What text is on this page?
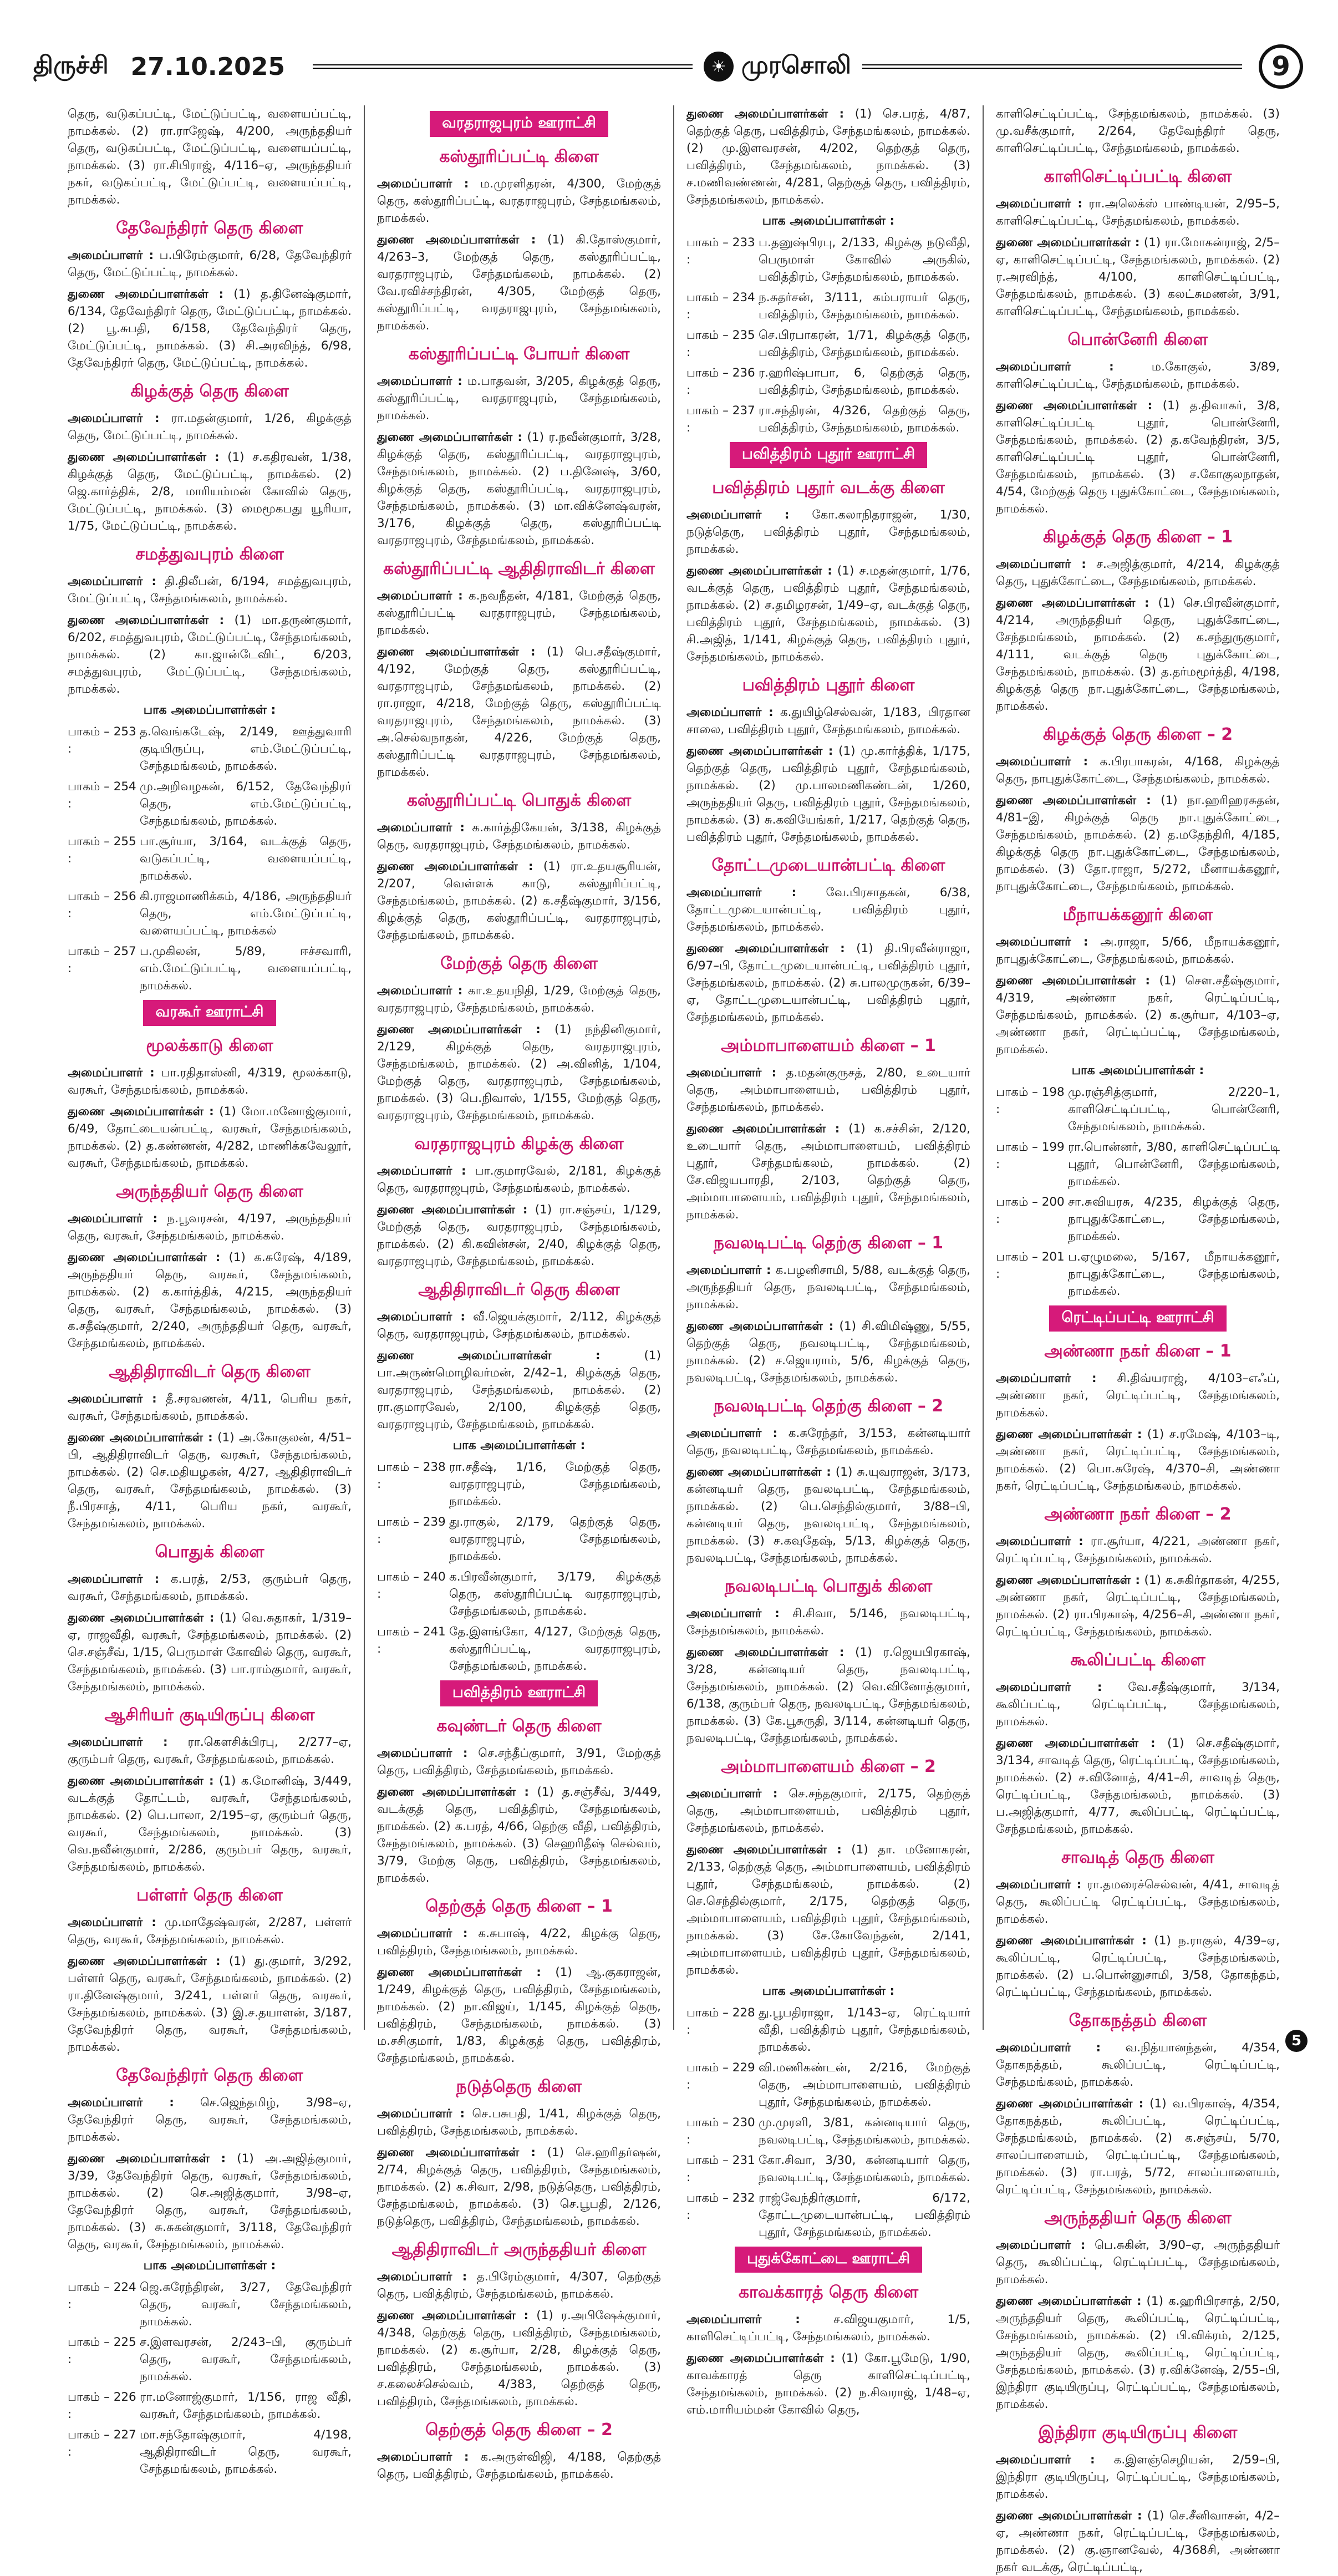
திருச்சி 27.10.2025	☀ முரசொலி	9

தெரு, வடுகப்பட்டி, மேட்டுப்பட்டி, வளையப்பட்டி, நாமக்கல். (2) ரா.ராஜேஷ், 4/200, அருந்ததியர் தெரு, வடுகப்பட்டி, மேட்டுப்பட்டி, வளையப்பட்டி, நாமக்கல். (3) ரா.சிபிராஜ், 4/116–ஏ, அருந்ததியர் நகர், வடுகப்பட்டி, மேட்டுப்பட்டி, வளையப்பட்டி, நாமக்கல்.

தேவேந்திரர் தெரு கிளை

அமைப்பாளர் : ப.பிரேம்குமார், 6/28, தேவேந்திரர் தெரு, மேட்டுப்பட்டி, நாமக்கல்.

துணை அமைப்பாளர்கள் : (1) த.தினேஷ்குமார், 6/134, தேவேந்திரர் தெரு, மேட்டுப்பட்டி, நாமக்கல். (2) பூ.சுபதி, 6/158, தேவேந்திரர் தெரு, மேட்டுப்பட்டி, நாமக்கல். (3) சி.அரவிந்த், 6/98, தேவேந்திரர் தெரு, மேட்டுப்பட்டி, நாமக்கல்.

கிழக்குத் தெரு கிளை

அமைப்பாளர் : ரா.மதன்குமார், 1/26, கிழக்குத் தெரு, மேட்டுப்பட்டி, நாமக்கல்.

துணை அமைப்பாளர்கள் : (1) ச.கதிரவன், 1/38, கிழக்குத் தெரு, மேட்டுப்பட்டி, நாமக்கல். (2) ஜெ.கார்த்திக், 2/8, மாரியம்மன் கோவில் தெரு, மேட்டுப்பட்டி, நாமக்கல். (3) மைமூகபது யூரியா, 1/75, மேட்டுப்பட்டி, நாமக்கல்.

சமத்துவபுரம் கிளை

அமைப்பாளர் : தி.திலீபன், 6/194, சமத்துவபுரம், மேட்டுப்பட்டி, சேந்தமங்கலம், நாமக்கல்.

துணை அமைப்பாளர்கள் : (1) மா.தருண்குமார், 6/202, சமத்துவபுரம், மேட்டுப்பட்டி, சேந்தமங்கலம், நாமக்கல். (2) கா.ஜான்டேவிட், 6/203, சமத்துவபுரம், மேட்டுப்பட்டி, சேந்தமங்கலம், நாமக்கல்.

பாக அமைப்பாளர்கள் :
பாகம் – 253 :
த.வெங்கடேஷ், 2/149, ஊத்துவாரி குடியிருப்பு, எம்.மேட்டுப்பட்டி, சேந்தமங்கலம், நாமக்கல்.
பாகம் – 254 :
மு.அறிவழகன், 6/152, தேவேந்திரர் தெரு, எம்.மேட்டுப்பட்டி, சேந்தமங்கலம், நாமக்கல்.
பாகம் – 255 :
பா.சூர்யா, 3/164, வடக்குத் தெரு, வடுகப்பட்டி, வளையப்பட்டி, நாமக்கல்.
பாகம் – 256 :
கி.ராஜமாணிக்கம், 4/186, அருந்ததியர் தெரு, எம்.மேட்டுப்பட்டி, வளையப்பட்டி, நாமக்கல்
பாகம் – 257 :
ப.முகிலன், 5/89, ஈச்சவாரி, எம்.மேட்டுப்பட்டி, வளையப்பட்டி, நாமக்கல்.
வரகூர் ஊராட்சி
மூலக்காடு கிளை

அமைப்பாளர் : பா.ரதிதாஸ்னி, 4/319, மூலக்காடு, வரகூர், சேந்தமங்கலம், நாமக்கல்.

துணை அமைப்பாளர்கள் : (1) மோ.மனோஜ்குமார், 6/49, தோட்டையன்பட்டி, வரகூர், சேந்தமங்கலம், நாமக்கல். (2) த.கண்ணன், 4/282, மாணிக்கவேலூர், வரகூர், சேந்தமங்கலம், நாமக்கல்.

அருந்ததியர் தெரு கிளை

அமைப்பாளர் : ந.பூவரசன், 4/197, அருந்ததியர் தெரு, வரகூர், சேந்தமங்கலம், நாமக்கல்.

துணை அமைப்பாளர்கள் : (1) க.சுரேஷ், 4/189, அருந்ததியர் தெரு, வரகூர், சேந்தமங்கலம், நாமக்கல். (2) க.கார்த்திக், 4/215, அருந்ததியர் தெரு, வரகூர், சேந்தமங்கலம், நாமக்கல். (3) க.சதீஷ்குமார், 2/240, அருந்ததியர் தெரு, வரகூர், சேந்தமங்கலம், நாமக்கல்.

ஆதிதிராவிடர் தெரு கிளை

அமைப்பாளர் : தீ.சரவணன், 4/11, பெரிய நகர், வரகூர், சேந்தமங்கலம், நாமக்கல்.

துணை அமைப்பாளர்கள் : (1) அ.கோகுலன், 4/51–பி, ஆதிதிராவிடர் தெரு, வரகூர், சேந்தமங்கலம், நாமக்கல். (2) செ.மதியழகன், 4/27, ஆதிதிராவிடர் தெரு, வரகூர், சேந்தமங்கலம், நாமக்கல். (3) நீ.பிரசாத், 4/11, பெரிய நகர், வரகூர், சேந்தமங்கலம், நாமக்கல்.

பொதுக் கிளை

அமைப்பாளர் : க.பரத், 2/53, குரும்பர் தெரு, வரகூர், சேந்தமங்கலம், நாமக்கல்.

துணை அமைப்பாளர்கள் : (1) வெ.சுதாகர், 1/319–ஏ, ராஜவீதி, வரகூர், சேந்தமங்கலம், நாமக்கல். (2) செ.சஞ்சீவ், 1/15, பெருமாள் கோவில் தெரு, வரகூர், சேந்தமங்கலம், நாமக்கல். (3) பா.ராம்குமார், வரகூர், சேந்தமங்கலம், நாமக்கல்.

ஆசிரியர் குடியிருப்பு கிளை

அமைப்பாளர் : ரா.கௌசிக்பிரபு, 2/277–ஏ, குரும்பர் தெரு, வரகூர், சேந்தமங்கலம், நாமக்கல்.

துணை அமைப்பாளர்கள் : (1) க.மோனிஷ், 3/449, வடக்குத் தோட்டம், வரகூர், சேந்தமங்கலம், நாமக்கல். (2) பெ.பாலா, 2/195–ஏ, குரும்பர் தெரு, வரகூர், சேந்தமங்கலம், நாமக்கல். (3) வெ.நவீன்குமார், 2/286, குரும்பர் தெரு, வரகூர், சேந்தமங்கலம், நாமக்கல்.

பள்ளர் தெரு கிளை

அமைப்பாளர் : மு.மாதேஷ்வரன், 2/287, பள்ளர் தெரு, வரகூர், சேந்தமங்கலம், நாமக்கல்.

துணை அமைப்பாளர்கள் : (1) து.குமார், 3/292, பள்ளர் தெரு, வரகூர், சேந்தமங்கலம், நாமக்கல். (2) ரா.தினேஷ்குமார், 3/241, பள்ளர் தெரு, வரகூர், சேந்தமங்கலம், நாமக்கல். (3) இ.ச.தயாளன், 3/187, தேவேந்திரர் தெரு, வரகூர், சேந்தமங்கலம், நாமக்கல்.

தேவேந்திரர் தெரு கிளை

அமைப்பாளர் : செ.ஜெந்தமிழ், 3/98–ஏ, தேவேந்திரர் தெரு, வரகூர், சேந்தமங்கலம், நாமக்கல்.

துணை அமைப்பாளர்கள் : (1) அ.அஜித்குமார், 3/39, தேவேந்திரர் தெரு, வரகூர், சேந்தமங்கலம், நாமக்கல். (2) செ.அஜித்குமார், 3/98–ஏ, தேவேந்திரர் தெரு, வரகூர், சேந்தமங்கலம், நாமக்கல். (3) சு.சுகன்குமார், 3/118, தேவேந்திரர் தெரு, வரகூர், சேந்தமங்கலம், நாமக்கல்.

பாக அமைப்பாளர்கள் :
பாகம் – 224 :
ஜெ.சுரேந்திரன், 3/27, தேவேந்திரர் தெரு, வரகூர், சேந்தமங்கலம், நாமக்கல்.
பாகம் – 225 :
ச.இளவரசன், 2/243–பி, குரும்பர் தெரு, வரகூர், சேந்தமங்கலம், நாமக்கல்.
பாகம் – 226 :
ரா.மனோஜ்குமார், 1/156, ராஜ வீதி, வரகூர், சேந்தமங்கலம், நாமக்கல்.
பாகம் – 227 :
மா.சந்தோஷ்குமார், 4/198, ஆதிதிராவிடர் தெரு, வரகூர், சேந்தமங்கலம், நாமக்கல்.
வரதராஜபுரம் ஊராட்சி
கஸ்தூரிப்பட்டி கிளை

அமைப்பாளர் : ம.முரளிதரன், 4/300, மேற்குத் தெரு, கஸ்தூரிப்பட்டி, வரதராஜபுரம், சேந்தமங்கலம், நாமக்கல்.

துணை அமைப்பாளர்கள் : (1) கி.தோஸ்குமார், 4/263–3, மேற்குத் தெரு, கஸ்தூரிப்பட்டி, வரதராஜபுரம், சேந்தமங்கலம், நாமக்கல். (2) வே.ரவிச்சந்திரன், 4/305, மேற்குத் தெரு, கஸ்தூரிப்பட்டி, வரதராஜபுரம், சேந்தமங்கலம், நாமக்கல்.

கஸ்தூரிப்பட்டி போயர் கிளை

அமைப்பாளர் : ம.பாதவன், 3/205, கிழக்குத் தெரு, கஸ்தூரிப்பட்டி, வரதராஜபுரம், சேந்தமங்கலம், நாமக்கல்.

துணை அமைப்பாளர்கள் : (1) ர.நவீன்குமார், 3/28, கிழக்குத் தெரு, கஸ்தூரிப்பட்டி, வரதராஜபுரம், சேந்தமங்கலம், நாமக்கல். (2) ப.தினேஷ், 3/60, கிழக்குத் தெரு, கஸ்தூரிப்பட்டி, வரதராஜபுரம், சேந்தமங்கலம், நாமக்கல். (3) மா.விக்னேஷ்வரன், 3/176, கிழக்குத் தெரு, கஸ்தூரிப்பட்டி வரதராஜபுரம், சேந்தமங்கலம், நாமக்கல்.

கஸ்தூரிப்பட்டி ஆதிதிராவிடர் கிளை

அமைப்பாளர் : க.நவநீதன், 4/181, மேற்குத் தெரு, கஸ்தூரிப்பட்டி வரதராஜபுரம், சேந்தமங்கலம், நாமக்கல்.

துணை அமைப்பாளர்கள் : (1) பெ.சதீஷ்குமார், 4/192, மேற்குத் தெரு, கஸ்தூரிப்பட்டி, வரதராஜபுரம், சேந்தமங்கலம், நாமக்கல். (2) ரா.ராஜா, 4/218, மேற்குத் தெரு, கஸ்தூரிப்பட்டி வரதராஜபுரம், சேந்தமங்கலம், நாமக்கல். (3) அ.செல்வநாதன், 4/226, மேற்குத் தெரு, கஸ்தூரிப்பட்டி வரதராஜபுரம், சேந்தமங்கலம், நாமக்கல்.

கஸ்தூரிப்பட்டி பொதுக் கிளை

அமைப்பாளர் : க.கார்த்திகேயன், 3/138, கிழக்குத் தெரு, வரதராஜபுரம், சேந்தமங்கலம், நாமக்கல்.

துணை அமைப்பாளர்கள் : (1) ரா.உதயசூரியன், 2/207, வெள்ளக் காடு, கஸ்தூரிப்பட்டி, சேந்தமங்கலம், நாமக்கல். (2) க.சதீஷ்குமார், 3/156, கிழக்குத் தெரு, கஸ்தூரிப்பட்டி, வரதராஜபுரம், சேந்தமங்கலம், நாமக்கல்.

மேற்குத் தெரு கிளை

அமைப்பாளர் : கா.உதயநிதி, 1/29, மேற்குத் தெரு, வரதராஜபுரம், சேந்தமங்கலம், நாமக்கல்.

துணை அமைப்பாளர்கள் : (1) நந்தினிகுமார், 2/129, கிழக்குத் தெரு, வரதராஜபுரம், சேந்தமங்கலம், நாமக்கல். (2) அ.வினித், 1/104, மேற்குத் தெரு, வரதராஜபுரம், சேந்தமங்கலம், நாமக்கல். (3) பெ.நிவாஸ், 1/155, மேற்குத் தெரு, வரதராஜபுரம், சேந்தமங்கலம், நாமக்கல்.

வரதராஜபுரம் கிழக்கு கிளை

அமைப்பாளர் : பா.குமாரவேல், 2/181, கிழக்குத் தெரு, வரதராஜபுரம், சேந்தமங்கலம், நாமக்கல்.

துணை அமைப்பாளர்கள் : (1) ரா.சஞ்சய், 1/129, மேற்குத் தெரு, வரதராஜபுரம், சேந்தமங்கலம், நாமக்கல். (2) கி.கவின்சன், 2/40, கிழக்குத் தெரு, வரதராஜபுரம், சேந்தமங்கலம், நாமக்கல்.

ஆதிதிராவிடர் தெரு கிளை

அமைப்பாளர் : வீ.ஜெயக்குமார், 2/112, கிழக்குத் தெரு, வரதராஜபுரம், சேந்தமங்கலம், நாமக்கல்.

துணை அமைப்பாளர்கள் : (1) பா.அருண்மொழிவர்மன், 2/42–1, கிழக்குத் தெரு, வரதராஜபுரம், சேந்தமங்கலம், நாமக்கல். (2) ரா.குமாரவேல், 2/100, கிழக்குத் தெரு, வரதராஜபுரம், சேந்தமங்கலம், நாமக்கல்.

பாக அமைப்பாளர்கள் :
பாகம் – 238 :
ரா.சதீஷ், 1/16, மேற்குத் தெரு, வரதராஜபுரம், சேந்தமங்கலம், நாமக்கல்.
பாகம் – 239 :
து.ராகுல், 2/179, தெற்குத் தெரு, வரதராஜபுரம், சேந்தமங்கலம், நாமக்கல்.
பாகம் – 240 :
க.பிரவீன்குமார், 3/179, கிழக்குத் தெரு, கஸ்தூரிப்பட்டி வரதராஜபுரம், சேந்தமங்கலம், நாமக்கல்.
பாகம் – 241 :
தே.இளங்கோ, 4/127, மேற்குத் தெரு, கஸ்தூரிப்பட்டி, வரதராஜபுரம், சேந்தமங்கலம், நாமக்கல்.
பவித்திரம் ஊராட்சி
கவுண்டர் தெரு கிளை

அமைப்பாளர் : செ.சந்தீப்குமார், 3/91, மேற்குத் தெரு, பவித்திரம், சேந்தமங்கலம், நாமக்கல்.

துணை அமைப்பாளர்கள் : (1) த.சஞ்சீவ், 3/449, வடக்குத் தெரு, பவித்திரம், சேந்தமங்கலம், நாமக்கல். (2) க.பரத், 4/66, தெற்கு வீதி, பவித்திரம், சேந்தமங்கலம், நாமக்கல். (3) செஹரிதீஷ் செல்வம், 3/79, மேற்கு தெரு, பவித்திரம், சேந்தமங்கலம், நாமக்கல்.

தெற்குத் தெரு கிளை – 1

அமைப்பாளர் : க.சுபாஷ், 4/22, கிழக்கு தெரு, பவித்திரம், சேந்தமங்கலம், நாமக்கல்.

துணை அமைப்பாளர்கள் : (1) ஆ.குகராஜன், 1/249, கிழக்குத் தெரு, பவித்திரம், சேந்தமங்கலம், நாமக்கல். (2) நா.விஜய், 1/145, கிழக்குத் தெரு, பவித்திரம், சேந்தமங்கலம், நாமக்கல். (3) ம.சசிகுமார், 1/83, கிழக்குத் தெரு, பவித்திரம், சேந்தமங்கலம், நாமக்கல்.

நடுத்தெரு கிளை

அமைப்பாளர் : செ.பசுபதி, 1/41, கிழக்குத் தெரு, பவித்திரம், சேந்தமங்கலம், நாமக்கல்.

துணை அமைப்பாளர்கள் : (1) செ.ஹரிதர்ஷன், 2/74, கிழக்குத் தெரு, பவித்திரம், சேந்தமங்கலம், நாமக்கல். (2) க.சிவா, 2/98, நடுத்தெரு, பவித்திரம், சேந்தமங்கலம், நாமக்கல். (3) செ.பூபதி, 2/126, நடுத்தெரு, பவித்திரம், சேந்தமங்கலம், நாமக்கல்.

ஆதிதிராவிடர் அருந்ததியர் கிளை

அமைப்பாளர் : த.பிரேம்குமார், 4/307, தெற்குத் தெரு, பவித்திரம், சேந்தமங்கலம், நாமக்கல்.

துணை அமைப்பாளர்கள் : (1) ர.அபிஷேக்குமார், 4/348, தெற்குத் தெரு, பவித்திரம், சேந்தமங்கலம், நாமக்கல். (2) க.சூர்யா, 2/28, கிழக்குத் தெரு, பவித்திரம், சேந்தமங்கலம், நாமக்கல். (3) ச.கலைச்செல்வம், 4/383, தெற்குத் தெரு, பவித்திரம், சேந்தமங்கலம், நாமக்கல்.

தெற்குத் தெரு கிளை – 2

அமைப்பாளர் : க.அருள்விஜி, 4/188, தெற்குத் தெரு, பவித்திரம், சேந்தமங்கலம், நாமக்கல்.

துணை அமைப்பாளர்கள் : (1) செ.பரத், 4/87, தெற்குத் தெரு, பவித்திரம், சேந்தமங்கலம், நாமக்கல். (2) மு.இளவரசன், 4/202, தெற்குத் தெரு, பவித்திரம், சேந்தமங்கலம், நாமக்கல். (3) ச.மணிவண்ணன், 4/281, தெற்குத் தெரு, பவித்திரம், சேந்தமங்கலம், நாமக்கல்.

பாக அமைப்பாளர்கள் :
பாகம் – 233 :
ப.தனுஷ்பிரபு, 2/133, கிழக்கு நடுவீதி, பெருமாள் கோவில் அருகில், பவித்திரம், சேந்தமங்கலம், நாமக்கல்.
பாகம் – 234 :
ந.சுதர்சன், 3/111, கம்பராயர் தெரு, பவித்திரம், சேந்தமங்கலம், நாமக்கல்.
பாகம் – 235 :
செ.பிரபாகரன், 1/71, கிழக்குத் தெரு, பவித்திரம், சேந்தமங்கலம், நாமக்கல்.
பாகம் – 236 :
ர.ஹரிஷ்பாபா, 6, தெற்குத் தெரு, பவித்திரம், சேந்தமங்கலம், நாமக்கல்.
பாகம் – 237 :
ரா.சந்திரன், 4/326, தெற்குத் தெரு, பவித்திரம், சேந்தமங்கலம், நாமக்கல்.
பவித்திரம் புதூர் ஊராட்சி
பவித்திரம் புதூர் வடக்கு கிளை

அமைப்பாளர் : கோ.கலாநிதராஜன், 1/30, நடுத்தெரு, பவித்திரம் புதூர், சேந்தமங்கலம், நாமக்கல்.

துணை அமைப்பாளர்கள் : (1) ச.மதன்குமார், 1/76, வடக்குத் தெரு, பவித்திரம் புதூர், சேந்தமங்கலம், நாமக்கல். (2) ச.தமிழரசன், 1/49–ஏ, வடக்குத் தெரு, பவித்திரம் புதூர், சேந்தமங்கலம், நாமக்கல். (3) சி.அஜித், 1/141, கிழக்குத் தெரு, பவித்திரம் புதூர், சேந்தமங்கலம், நாமக்கல்.

பவித்திரம் புதூர் கிளை

அமைப்பாளர் : க.துயிழ்செல்வன், 1/183, பிரதான சாலை, பவித்திரம் புதூர், சேந்தமங்கலம், நாமக்கல்.

துணை அமைப்பாளர்கள் : (1) மு.கார்த்திக், 1/175, தெற்குத் தெரு, பவித்திரம் புதூர், சேந்தமங்கலம், நாமக்கல். (2) மு.பாலமணிகண்டன், 1/260, அருந்ததியர் தெரு, பவித்திரம் புதூர், சேந்தமங்கலம், நாமக்கல். (3) சு.கவியேங்கர், 1/217, தெற்குத் தெரு, பவித்திரம் புதூர், சேந்தமங்கலம், நாமக்கல்.

தோட்டமுடையான்பட்டி கிளை

அமைப்பாளர் : வே.பிரசாதகன், 6/38, தோட்டமுடையான்பட்டி, பவித்திரம் புதூர், சேந்தமங்கலம், நாமக்கல்.

துணை அமைப்பாளர்கள் : (1) தி.பிரவீன்ராஜா, 6/97–பி, தோட்டமுடையான்பட்டி, பவித்திரம் புதூர், சேந்தமங்கலம், நாமக்கல். (2) சு.பாலமுருகன், 6/39–ஏ, தோட்டமுடையான்பட்டி, பவித்திரம் புதூர், சேந்தமங்கலம், நாமக்கல்.

அம்மாபாளையம் கிளை – 1

அமைப்பாளர் : த.மதன்குருசத், 2/80, உடையார் தெரு, அம்மாபாளையம், பவித்திரம் புதூர், சேந்தமங்கலம், நாமக்கல்.

துணை அமைப்பாளர்கள் : (1) க.சச்சின், 2/120, உடையார் தெரு, அம்மாபாளையம், பவித்திரம் புதூர், சேந்தமங்கலம், நாமக்கல். (2) சே.விஜயபாரதி, 2/103, தெற்குத் தெரு, அம்மாபாளையம், பவித்திரம் புதூர், சேந்தமங்கலம், நாமக்கல்.

நவலடிபட்டி தெற்கு கிளை – 1

அமைப்பாளர் : க.பழனிசாமி, 5/88, வடக்குத் தெரு, அருந்ததியர் தெரு, நவலடிபட்டி, சேந்தமங்கலம், நாமக்கல்.

துணை அமைப்பாளர்கள் : (1) சி.விமிஷ்ணு, 5/55, தெற்குத் தெரு, நவலடிபட்டி, சேந்தமங்கலம், நாமக்கல். (2) ச.ஜெயராம், 5/6, கிழக்குத் தெரு, நவலடிபட்டி, சேந்தமங்கலம், நாமக்கல்.

நவலடிபட்டி தெற்கு கிளை – 2

அமைப்பாளர் : க.சுரேந்தர், 3/153, கன்னடியார் தெரு, நவலடிபட்டி, சேந்தமங்கலம், நாமக்கல்.

துணை அமைப்பாளர்கள் : (1) சு.யுவராஜன், 3/173, கன்னடியர் தெரு, நவலடிபட்டி, சேந்தமங்கலம், நாமக்கல். (2) பெ.செந்தில்குமார், 3/88–பி, கன்னடியர் தெரு, நவலடிபட்டி, சேந்தமங்கலம், நாமக்கல். (3) ச.கவுதேஷ், 5/13, கிழக்குத் தெரு, நவலடிபட்டி, சேந்தமங்கலம், நாமக்கல்.

நவலடிபட்டி பொதுக் கிளை

அமைப்பாளர் : சி.சிவா, 5/146, நவலடிபட்டி, சேந்தமங்கலம், நாமக்கல்.

துணை அமைப்பாளர்கள் : (1) ர.ஜெயபிரகாஷ், 3/28, கன்னடியர் தெரு, நவலடிபட்டி, சேந்தமங்கலம், நாமக்கல். (2) வெ.வினோத்குமார், 6/138, குரும்பர் தெரு, நவலடிபட்டி, சேந்தமங்கலம், நாமக்கல். (3) கே.பூசுருதி, 3/114, கன்னடியர் தெரு, நவலடிபட்டி, சேந்தமங்கலம், நாமக்கல்.

அம்மாபாளையம் கிளை – 2

அமைப்பாளர் : செ.சந்தகுமார், 2/175, தெற்குத் தெரு, அம்மாபாளையம், பவித்திரம் புதூர், சேந்தமங்கலம், நாமக்கல்.

துணை அமைப்பாளர்கள் : (1) தா. மனோகரன், 2/133, தெற்குத் தெரு, அம்மாபாளையம், பவித்திரம் புதூர், சேந்தமங்கலம், நாமக்கல். (2) செ.செந்தில்குமார், 2/175, தெற்குத் தெரு, அம்மாபாளையம், பவித்திரம் புதூர், சேந்தமங்கலம், நாமக்கல். (3) சே.கோவேந்தன், 2/141, அம்மாபாளையம், பவித்திரம் புதூர், சேந்தமங்கலம், நாமக்கல்.

பாக அமைப்பாளர்கள் :
பாகம் – 228 :
து.பூபதிராஜா, 1/143–ஏ, ரெட்டியார் வீதி, பவித்திரம் புதூர், சேந்தமங்கலம், நாமக்கல்.
பாகம் – 229 :
வி.மணிகண்டன், 2/216, மேற்குத் தெரு, அம்மாபாளையம், பவித்திரம் புதூர், சேந்தமங்கலம், நாமக்கல்.
பாகம் – 230 :
மு.முரளி, 3/81, கன்னடியார் தெரு, நவலடிபட்டி, சேந்தமங்கலம், நாமக்கல்.
பாகம் – 231 :
கோ.சிவா, 3/30, கன்னடியார் தெரு, நவலடிபட்டி, சேந்தமங்கலம், நாமக்கல்.
பாகம் – 232 :
ராஜ்வேந்திர்குமார், 6/172, தோட்டமுடையான்பட்டி, பவித்திரம் புதூர், சேந்தமங்கலம், நாமக்கல்.
புதுக்கோட்டை ஊராட்சி
காவக்காரத் தெரு கிளை

அமைப்பாளர் : ச.விஜயகுமார், 1/5, காளிசெட்டிப்பட்டி, சேந்தமங்கலம், நாமக்கல்.

துணை அமைப்பாளர்கள் : (1) கோ.பூமேடு, 1/90, காவக்காரத் தெரு காளிசெட்டிப்பட்டி, சேந்தமங்கலம், நாமக்கல். (2) ந.சிவராஜ், 1/48–ஏ, எம்.மாரியம்மன் கோவில் தெரு,

காளிசெட்டிப்பட்டி, சேந்தமங்கலம், நாமக்கல். (3) மு.வசீக்குமார், 2/264, தேவேந்திரர் தெரு, காளிசெட்டிப்பட்டி, சேந்தமங்கலம், நாமக்கல்.

காளிசெட்டிப்பட்டி கிளை

அமைப்பாளர் : ரா.அலெக்ஸ் பாண்டியன், 2/95–5, காளிசெட்டிப்பட்டி, சேந்தமங்கலம், நாமக்கல்.

துணை அமைப்பாளர்கள் : (1) ரா.மோகன்ராஜ், 2/5–ஏ, காளிசெட்டிப்பட்டி, சேந்தமங்கலம், நாமக்கல். (2) ர.அரவிந்த், 4/100, காளிசெட்டிப்பட்டி, சேந்தமங்கலம், நாமக்கல். (3) கலட்சுமணன், 3/91, காளிசெட்டிப்பட்டி, சேந்தமங்கலம், நாமக்கல்.

பொன்னேரி கிளை

அமைப்பாளர் : ம.கோகுல், 3/89, காளிசெட்டிப்பட்டி, சேந்தமங்கலம், நாமக்கல்.

துணை அமைப்பாளர்கள் : (1) த.திவாகர், 3/8, காளிசெட்டிப்பட்டி புதூர், பொன்னேரி, சேந்தமங்கலம், நாமக்கல். (2) த.கவேந்திரன், 3/5, காளிசெட்டிப்பட்டி புதூர், பொன்னேரி, சேந்தமங்கலம், நாமக்கல். (3) ச.கோகுலநாதன், 4/54, மேற்குத் தெரு புதுக்கோட்டை, சேந்தமங்கலம், நாமக்கல்.

கிழக்குத் தெரு கிளை – 1

அமைப்பாளர் : ச.அஜித்குமார், 4/214, கிழக்குத் தெரு, புதுக்கோட்டை, சேந்தமங்கலம், நாமக்கல்.

துணை அமைப்பாளர்கள் : (1) செ.பிரவீன்குமார், 4/214, அருந்ததியர் தெரு, புதுக்கோட்டை, சேந்தமங்கலம், நாமக்கல். (2) க.சந்துருகுமார், 4/111, வடக்குத் தெரு புதுக்கோட்டை, சேந்தமங்கலம், நாமக்கல். (3) த.தர்மமூர்த்தி, 4/198, கிழக்குத் தெரு நா.புதுக்கோட்டை, சேந்தமங்கலம், நாமக்கல்.

கிழக்குத் தெரு கிளை – 2

அமைப்பாளர் : க.பிரபாகரன், 4/168, கிழக்குத் தெரு, நாபுதுக்கோட்டை, சேந்தமங்கலம், நாமக்கல்.

துணை அமைப்பாளர்கள் : (1) நா.ஹரிஹரசுதன், 4/81–இ, கிழக்குத் தெரு நா.புதுக்கோட்டை, சேந்தமங்கலம், நாமக்கல். (2) த.மதேந்திரி, 4/185, கிழக்குத் தெரு நா.புதுக்கோட்டை, சேந்தமங்கலம், நாமக்கல். (3) தோ.ராஜா, 5/272, மீனாயக்கனூர், நாபுதுக்கோட்டை, சேந்தமங்கலம், நாமக்கல்.

மீநாயக்கனூர் கிளை

அமைப்பாளர் : அ.ராஜா, 5/66, மீநாயக்கனூர், நாபுதுக்கோட்டை, சேந்தமங்கலம், நாமக்கல்.

துணை அமைப்பாளர்கள் : (1) சௌ.சதீஷ்குமார், 4/319, அண்ணா நகர், ரெட்டிப்பட்டி, சேந்தமங்கலம், நாமக்கல். (2) க.சூர்யா, 4/103–ஏ, அண்ணா நகர், ரெட்டிப்பட்டி, சேந்தமங்கலம், நாமக்கல்.

பாக அமைப்பாளர்கள் :
பாகம் – 198 :
மு.ரஞ்சித்குமார், 2/220–1, காளிசெட்டிப்பட்டி, பொன்னேரி, சேந்தமங்கலம், நாமக்கல்.
பாகம் – 199 :
ரா.பொன்னர், 3/80, காளிசெட்டிப்பட்டி புதூர், பொன்னேரி, சேந்தமங்கலம், நாமக்கல்.
பாகம் – 200 :
சா.சுவியரசு, 4/235, கிழக்குத் தெரு, நாபுதுக்கோட்டை, சேந்தமங்கலம், நாமக்கல்.
பாகம் – 201 :
ப.ஏழுமலை, 5/167, மீநாயக்கனூர், நாபுதுக்கோட்டை, சேந்தமங்கலம், நாமக்கல்.
ரெட்டிப்பட்டி ஊராட்சி
அண்ணா நகர் கிளை – 1

அமைப்பாளர் : சி.திவ்யராஜ், 4/103–எஃப், அண்ணா நகர், ரெட்டிப்பட்டி, சேந்தமங்கலம், நாமக்கல்.

துணை அமைப்பாளர்கள் : (1) ச.ரமேஷ், 4/103–டி, அண்ணா நகர், ரெட்டிப்பட்டி, சேந்தமங்கலம், நாமக்கல். (2) பொ.சுரேஷ், 4/370–சி, அண்ணா நகர், ரெட்டிப்பட்டி, சேந்தமங்கலம், நாமக்கல்.

அண்ணா நகர் கிளை – 2

அமைப்பாளர் : ரா.சூர்யா, 4/221, அண்ணா நகர், ரெட்டிப்பட்டி, சேந்தமங்கலம், நாமக்கல்.

துணை அமைப்பாளர்கள் : (1) க.சுகிர்தாகன், 4/255, அண்ணா நகர், ரெட்டிப்பட்டி, சேந்தமங்கலம், நாமக்கல். (2) ரா.பிரகாஷ், 4/256–சி, அண்ணா நகர், ரெட்டிப்பட்டி, சேந்தமங்கலம், நாமக்கல்.

கூலிப்பட்டி கிளை

அமைப்பாளர் : வே.சதீஷ்குமார், 3/134, கூலிப்பட்டி, ரெட்டிப்பட்டி, சேந்தமங்கலம், நாமக்கல்.

துணை அமைப்பாளர்கள் : (1) செ.சதீஷ்குமார், 3/134, சாவடித் தெரு, ரெட்டிப்பட்டி, சேந்தமங்கலம், நாமக்கல். (2) ச.வினோத், 4/41–சி, சாவடித் தெரு, ரெட்டிப்பட்டி, சேந்தமங்கலம், நாமக்கல். (3) ப.அஜித்குமார், 4/77, கூலிப்பட்டி, ரெட்டிப்பட்டி, சேந்தமங்கலம், நாமக்கல்.

சாவடித் தெரு கிளை

அமைப்பாளர் : ரா.தமரைச்செல்வன், 4/41, சாவடித் தெரு, கூலிப்பட்டி ரெட்டிப்பட்டி, சேந்தமங்கலம், நாமக்கல்.

துணை அமைப்பாளர்கள் : (1) ந.ராகுல், 4/39–ஏ, கூலிப்பட்டி, ரெட்டிப்பட்டி, சேந்தமங்கலம், நாமக்கல். (2) ப.பொன்னுசாமி, 3/58, தோகந்தம், ரெட்டிப்பட்டி, சேந்தமங்கலம், நாமக்கல்.

தோகநத்தம் கிளை

அமைப்பாளர் : வ.நித்யானந்தன், 4/354, தோகநத்தம், கூலிப்பட்டி, ரெட்டிப்பட்டி, சேந்தமங்கலம், நாமக்கல்.

துணை அமைப்பாளர்கள் : (1) வ.பிரகாஷ், 4/354, தோகநத்தம், கூலிப்பட்டி, ரெட்டிப்பட்டி, சேந்தமங்கலம், நாமக்கல். (2) க.சஞ்சய், 5/70, சாலப்பாளையம், ரெட்டிப்பட்டி, சேந்தமங்கலம், நாமக்கல். (3) ரா.பரத், 5/72, சாலப்பாளையம், ரெட்டிப்பட்டி, சேந்தமங்கலம், நாமக்கல்.

அருந்ததியர் தெரு கிளை

அமைப்பாளர் : பெ.சுகின், 3/90–ஏ, அருந்ததியர் தெரு, கூலிப்பட்டி, ரெட்டிப்பட்டி, சேந்தமங்கலம், நாமக்கல்.

துணை அமைப்பாளர்கள் : (1) க.ஹரிபிரசாத், 2/50, அருந்ததியர் தெரு, கூலிப்பட்டி, ரெட்டிப்பட்டி, சேந்தமங்கலம், நாமக்கல். (2) பி.விக்ரம், 2/125, அருந்ததியர் தெரு, கூலிப்பட்டி, ரெட்டிப்பட்டி, சேந்தமங்கலம், நாமக்கல். (3) ர.விக்னேஷ், 2/55–பி, இந்திரா குடியிருப்பு, ரெட்டிப்பட்டி, சேந்தமங்கலம், நாமக்கல்.

இந்திரா குடியிருப்பு கிளை

அமைப்பாளர் : க.இளஞ்செழியன், 2/59–பி, இந்திரா குடியிருப்பு, ரெட்டிப்பட்டி, சேந்தமங்கலம், நாமக்கல்.

துணை அமைப்பாளர்கள் : (1) செ.சீனிவாசன், 4/2–ஏ, அண்ணா நகர், ரெட்டிப்பட்டி, சேந்தமங்கலம், நாமக்கல். (2) கு.ஞானவேல், 4/368சி, அண்ணா நகர் வடக்கு, ரெட்டிப்பட்டி,

5
